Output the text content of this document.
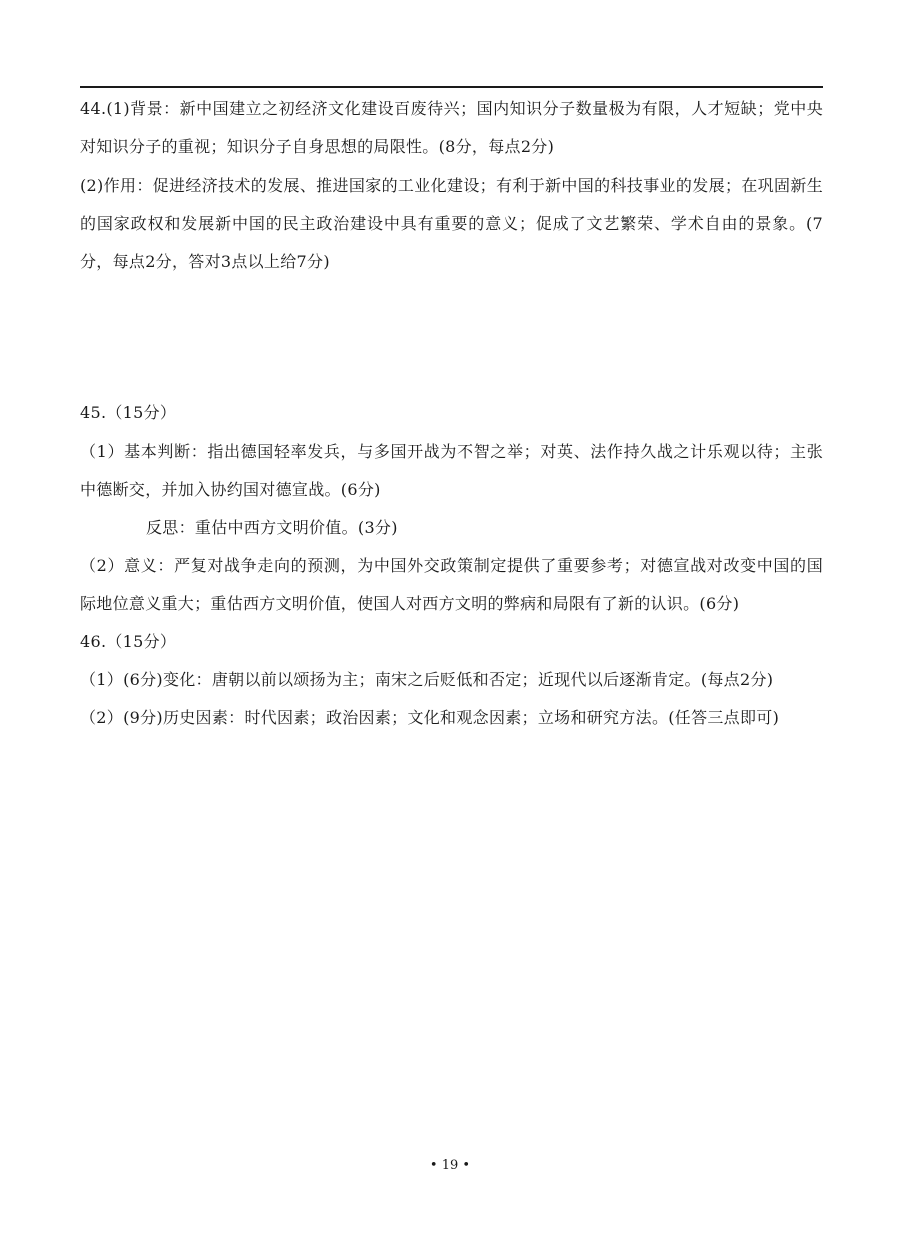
44.(1)背景：新中国建立之初经济文化建设百废待兴；国内知识分子数量极为有限，人才短缺；党中央对知识分子的重视；知识分子自身思想的局限性。(8分，每点2分)

(2)作用：促进经济技术的发展、推进国家的工业化建设；有利于新中国的科技事业的发展；在巩固新生的国家政权和发展新中国的民主政治建设中具有重要的意义；促成了文艺繁荣、学术自由的景象。(7分，每点2分，答对3点以上给7分)

45.（15分）

（1）基本判断：指出德国轻率发兵，与多国开战为不智之举；对英、法作持久战之计乐观以待；主张中德断交，并加入协约国对德宣战。(6分)

反思：重估中西方文明价值。(3分)

（2）意义：严复对战争走向的预测，为中国外交政策制定提供了重要参考；对德宣战对改变中国的国际地位意义重大；重估西方文明价值，使国人对西方文明的弊病和局限有了新的认识。(6分)

46.（15分）

（1）(6分)变化：唐朝以前以颂扬为主；南宋之后贬低和否定；近现代以后逐渐肯定。(每点2分)

（2）(9分)历史因素：时代因素；政治因素；文化和观念因素；立场和研究方法。(任答三点即可)

• 19 •
